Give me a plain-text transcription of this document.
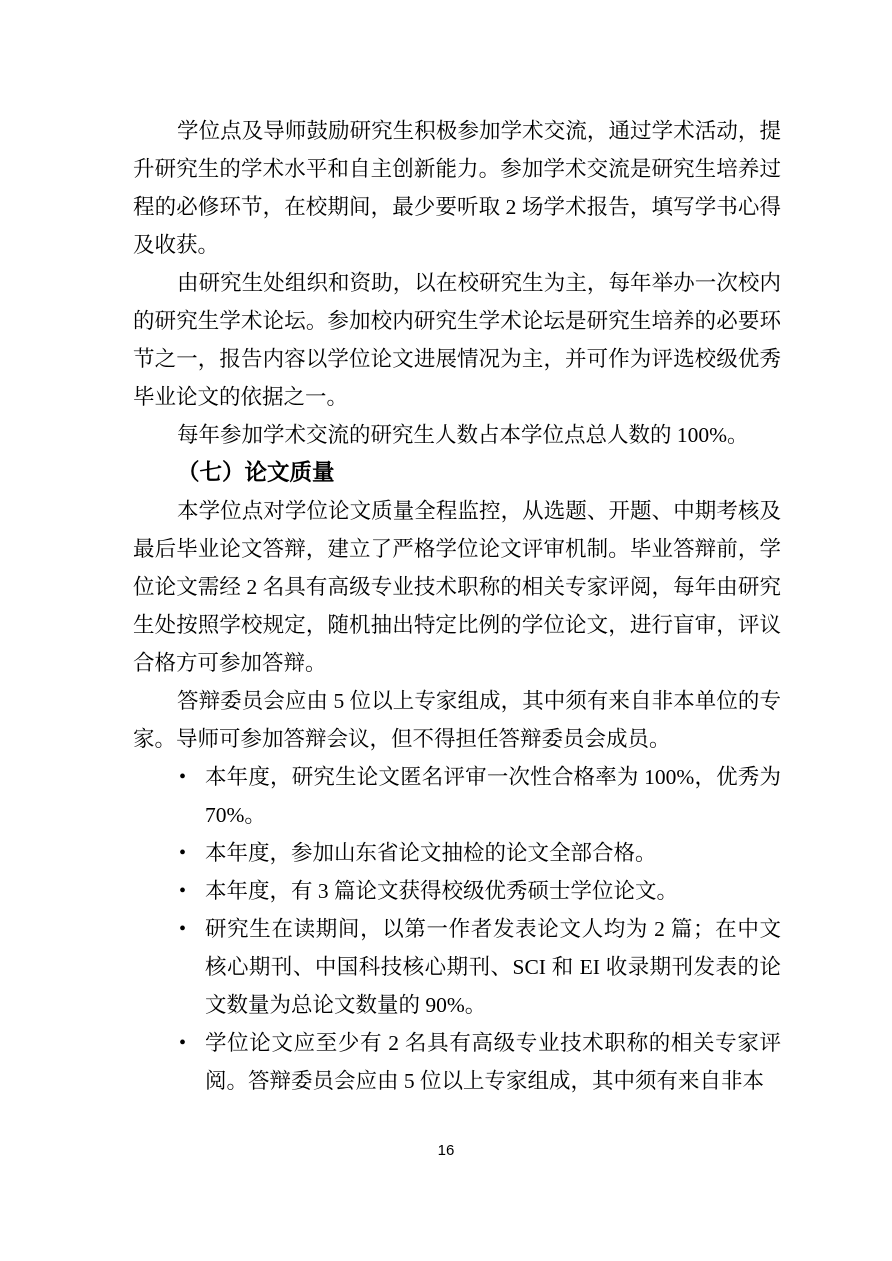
学位点及导师鼓励研究生积极参加学术交流，通过学术活动，提升研究生的学术水平和自主创新能力。参加学术交流是研究生培养过程的必修环节，在校期间，最少要听取 2 场学术报告，填写学书心得及收获。

由研究生处组织和资助，以在校研究生为主，每年举办一次校内的研究生学术论坛。参加校内研究生学术论坛是研究生培养的必要环节之一，报告内容以学位论文进展情况为主，并可作为评选校级优秀毕业论文的依据之一。

每年参加学术交流的研究生人数占本学位点总人数的 100%。

（七）论文质量

本学位点对学位论文质量全程监控，从选题、开题、中期考核及最后毕业论文答辩，建立了严格学位论文评审机制。毕业答辩前，学位论文需经 2 名具有高级专业技术职称的相关专家评阅，每年由研究生处按照学校规定，随机抽出特定比例的学位论文，进行盲审，评议合格方可参加答辩。

答辩委员会应由 5 位以上专家组成，其中须有来自非本单位的专家。导师可参加答辩会议，但不得担任答辩委员会成员。

• 本年度，研究生论文匿名评审一次性合格率为 100%，优秀为 70%。
• 本年度，参加山东省论文抽检的论文全部合格。
• 本年度，有 3 篇论文获得校级优秀硕士学位论文。
• 研究生在读期间，以第一作者发表论文人均为 2 篇；在中文核心期刊、中国科技核心期刊、SCI 和 EI 收录期刊发表的论文数量为总论文数量的 90%。
• 学位论文应至少有 2 名具有高级专业技术职称的相关专家评阅。答辩委员会应由 5 位以上专家组成，其中须有来自非本
16
